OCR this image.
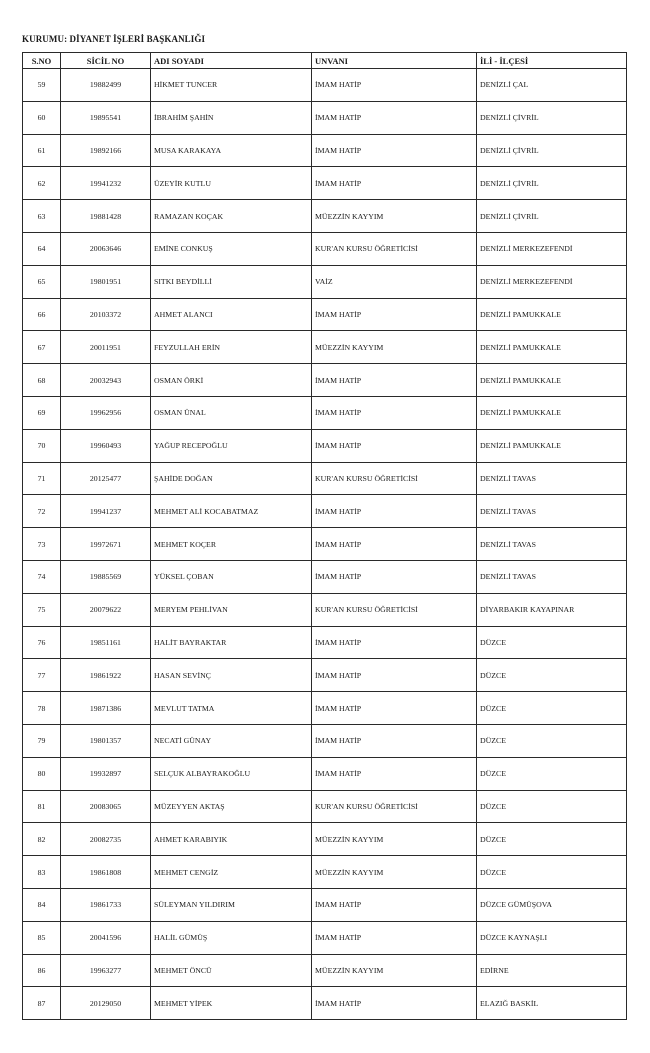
KURUMU: DİYANET İŞLERİ BAŞKANLIĞI
S.NO	SİCİL NO	ADI SOYADI	UNVANI	İLİ - İLÇESİ
59	19882499	HİKMET TUNCER	İMAM HATİP	DENİZLİ ÇAL
60	19895541	İBRAHİM ŞAHİN	İMAM HATİP	DENİZLİ ÇİVRİL
61	19892166	MUSA KARAKAYA	İMAM HATİP	DENİZLİ ÇİVRİL
62	19941232	ÜZEYİR KUTLU	İMAM HATİP	DENİZLİ ÇİVRİL
63	19881428	RAMAZAN KOÇAK	MÜEZZİN KAYYIM	DENİZLİ ÇİVRİL
64	20063646	EMİNE CONKUŞ	KUR'AN KURSU ÖĞRETİCİSİ	DENİZLİ MERKEZEFENDİ
65	19801951	SITKI BEYDİLLİ	VAİZ	DENİZLİ MERKEZEFENDİ
66	20103372	AHMET ALANCI	İMAM HATİP	DENİZLİ PAMUKKALE
67	20011951	FEYZULLAH ERİN	MÜEZZİN KAYYIM	DENİZLİ PAMUKKALE
68	20032943	OSMAN ÖRKİ	İMAM HATİP	DENİZLİ PAMUKKALE
69	19962956	OSMAN ÜNAL	İMAM HATİP	DENİZLİ PAMUKKALE
70	19960493	YAĞUP RECEPOĞLU	İMAM HATİP	DENİZLİ PAMUKKALE
71	20125477	ŞAHİDE DOĞAN	KUR'AN KURSU ÖĞRETİCİSİ	DENİZLİ TAVAS
72	19941237	MEHMET ALİ KOCABATMAZ	İMAM HATİP	DENİZLİ TAVAS
73	19972671	MEHMET KOÇER	İMAM HATİP	DENİZLİ TAVAS
74	19885569	YÜKSEL ÇOBAN	İMAM HATİP	DENİZLİ TAVAS
75	20079622	MERYEM PEHLİVAN	KUR'AN KURSU ÖĞRETİCİSİ	DİYARBAKIR KAYAPINAR
76	19851161	HALİT BAYRAKTAR	İMAM HATİP	DÜZCE
77	19861922	HASAN SEVİNÇ	İMAM HATİP	DÜZCE
78	19871386	MEVLUT TATMA	İMAM HATİP	DÜZCE
79	19801357	NECATİ GÜNAY	İMAM HATİP	DÜZCE
80	19932897	SELÇUK ALBAYRAKOĞLU	İMAM HATİP	DÜZCE
81	20083065	MÜZEYYEN AKTAŞ	KUR'AN KURSU ÖĞRETİCİSİ	DÜZCE
82	20082735	AHMET KARABIYIK	MÜEZZİN KAYYIM	DÜZCE
83	19861808	MEHMET CENGİZ	MÜEZZİN KAYYIM	DÜZCE
84	19861733	SÜLEYMAN YILDIRIM	İMAM HATİP	DÜZCE GÜMÜŞOVA
85	20041596	HALİL GÜMÜŞ	İMAM HATİP	DÜZCE KAYNAŞLI
86	19963277	MEHMET ÖNCÜ	MÜEZZİN KAYYIM	EDİRNE
87	20129050	MEHMET YİPEK	İMAM HATİP	ELAZIĞ BASKİL
